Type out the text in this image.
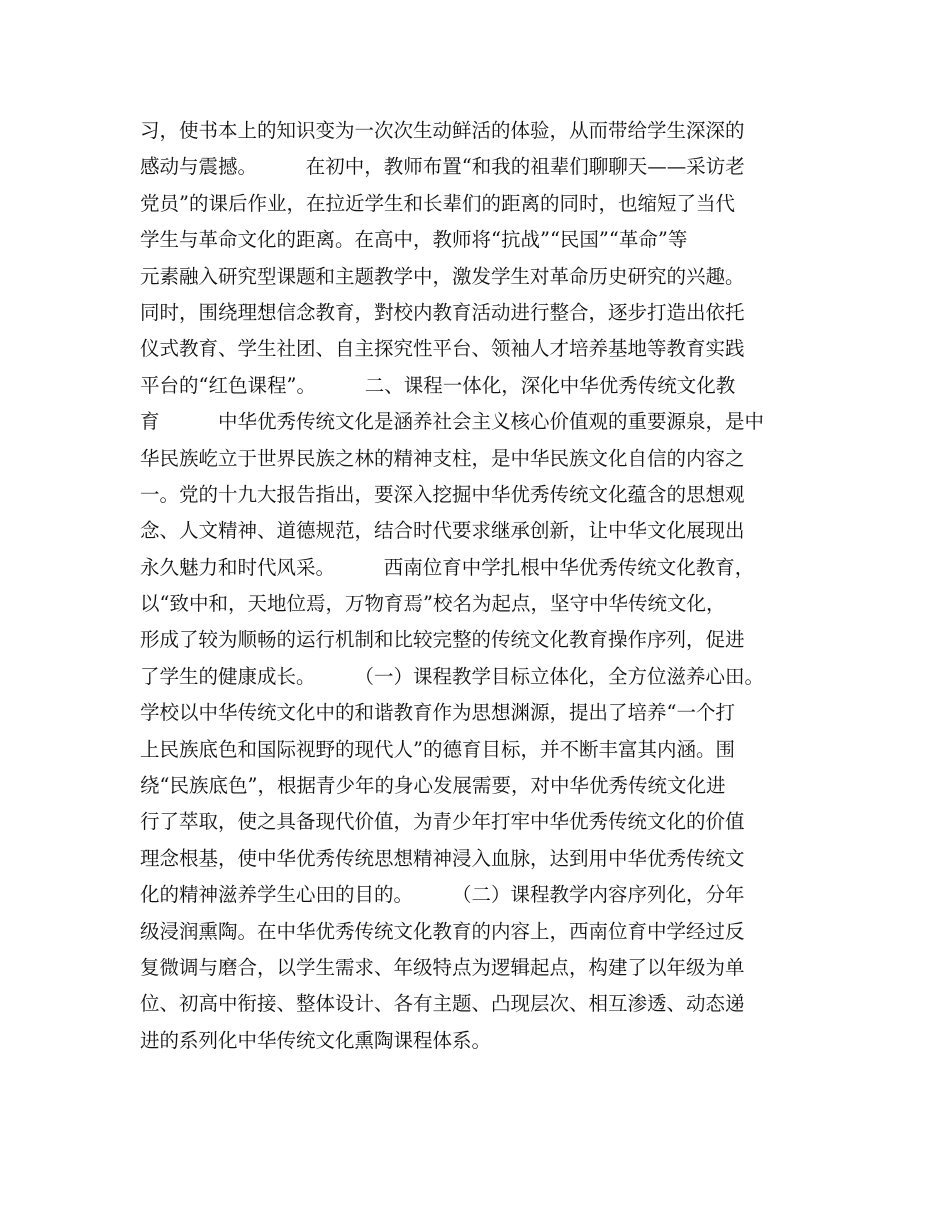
习，使书本上的知识变为一次次生动鲜活的体验，从而带给学生深深的
感动与震撼。　　　在初中，教师布置“和我的祖辈们聊聊天——采访老
党员”的课后作业，在拉近学生和长辈们的距离的同时，也缩短了当代
学生与革命文化的距离。在高中，教师将“抗战”“民国”“革命”等
元素融入研究型课题和主题教学中，激发学生对革命历史研究的兴趣。
同时，围绕理想信念教育，對校内教育活动进行整合，逐步打造出依托
仪式教育、学生社团、自主探究性平台、领袖人才培养基地等教育实践
平台的“红色课程”。　　　二、课程一体化，深化中华优秀传统文化教
育　　　中华优秀传统文化是涵养社会主义核心价值观的重要源泉，是中
华民族屹立于世界民族之林的精神支柱，是中华民族文化自信的内容之
一。党的十九大报告指出，要深入挖掘中华优秀传统文化蕴含的思想观
念、人文精神、道德规范，结合时代要求继承创新，让中华文化展现出
永久魅力和时代风采。　　　西南位育中学扎根中华优秀传统文化教育，
以“致中和，天地位焉，万物育焉”校名为起点，坚守中华传统文化，
形成了较为顺畅的运行机制和比较完整的传统文化教育操作序列，促进
了学生的健康成长。　　　（一）课程教学目标立体化，全方位滋养心田。
学校以中华传统文化中的和谐教育作为思想渊源，提出了培养“一个打
上民族底色和国际视野的现代人”的德育目标，并不断丰富其内涵。围
绕“民族底色”，根据青少年的身心发展需要，对中华优秀传统文化进
行了萃取，使之具备现代价值，为青少年打牢中华优秀传统文化的价值
理念根基，使中华优秀传统思想精神浸入血脉，达到用中华优秀传统文
化的精神滋养学生心田的目的。　　　（二）课程教学内容序列化，分年
级浸润熏陶。在中华优秀传统文化教育的内容上，西南位育中学经过反
复微调与磨合，以学生需求、年级特点为逻辑起点，构建了以年级为单
位、初高中衔接、整体设计、各有主题、凸现层次、相互渗透、动态递
进的系列化中华传统文化熏陶课程体系。
